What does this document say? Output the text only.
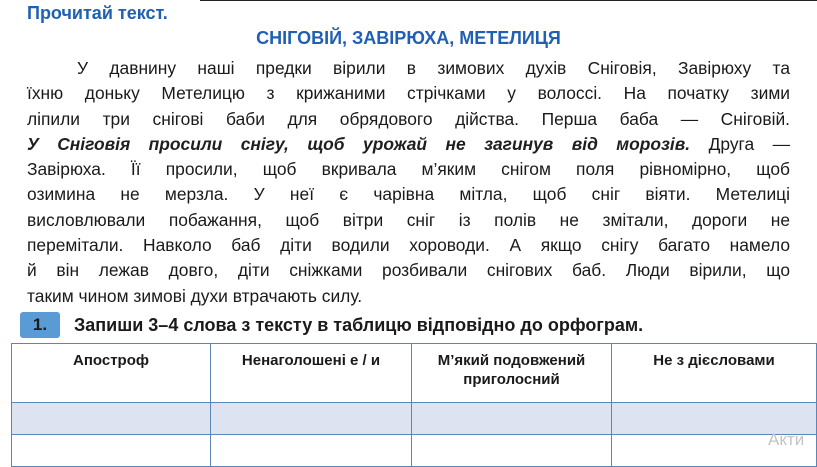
Прочитай текст.
СНІГОВІЙ, ЗАВІРЮХА, МЕТЕЛИЦЯ
У давнину наші предки вірили в зимових духів Сніговія, Завірюху та
їхню доньку Метелицю з крижаними стрічками у волоссі. На початку зими
ліпили три снігові баби для обрядового дійства. Перша баба — Сніговій.
У Сніговія просили снігу, щоб урожай не загинув від морозів. Друга —
Завірюха. Її просили, щоб вкривала м’яким снігом поля рівномірно, щоб
озимина не мерзла. У неї є чарівна мітла, щоб сніг віяти. Метелиці
висловлювали побажання, щоб вітри сніг із полів не змітали, дороги не
перемітали. Навколо баб діти водили хороводи. А якщо снігу багато намело
й він лежав довго, діти сніжками розбивали снігових баб. Люди вірили, що
таким чином зимові духи втрачають силу.
1.	Запиши 3–4 слова з тексту в таблицю відповідно до орфограм.
Апостроф	Ненаголошені е / и	М’який подовжений приголосний	Не з дієсловами

Акти
